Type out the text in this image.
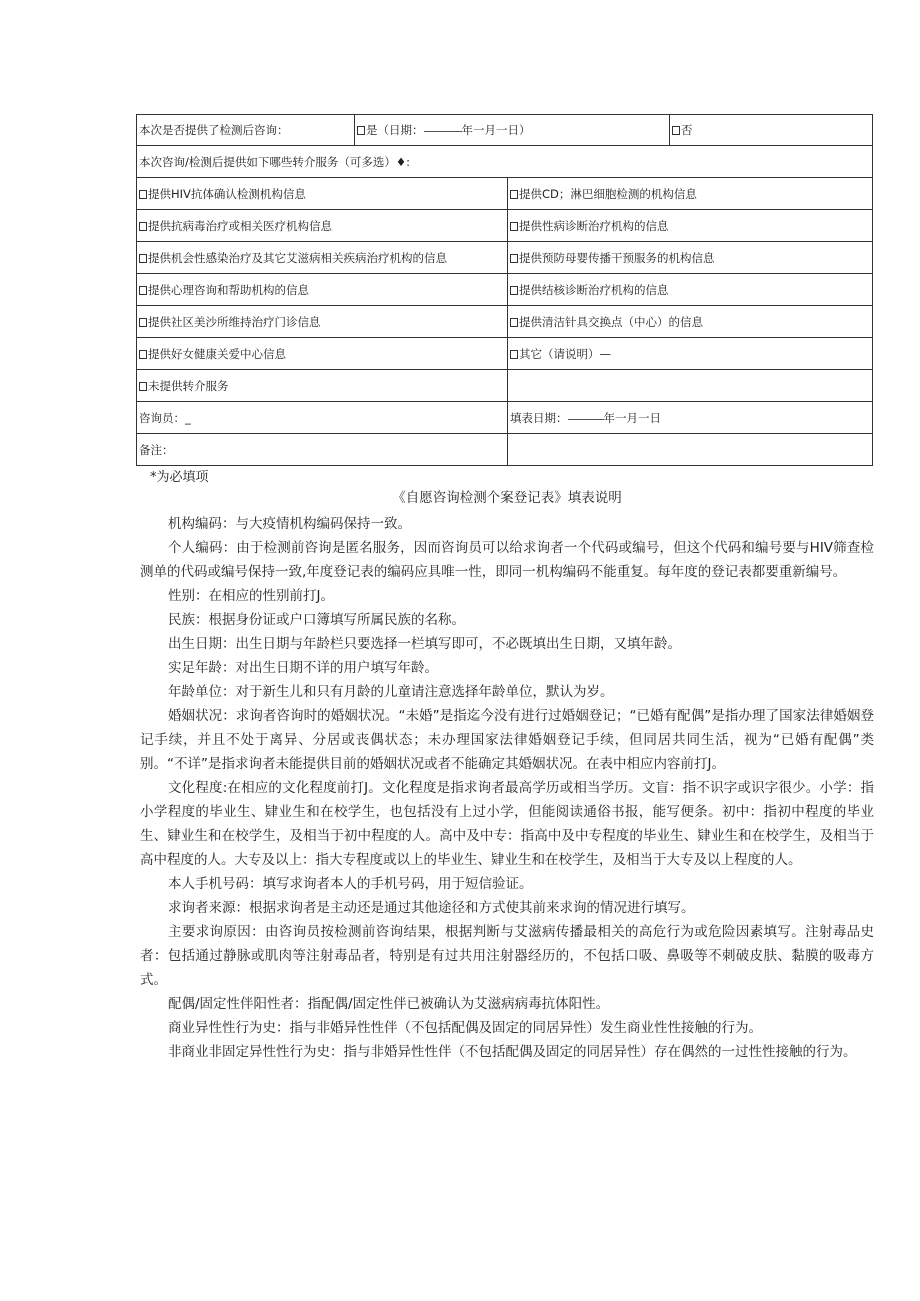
本次是否提供了检测后咨询：	是（日期： 年一月一日）		否
本次咨询/检测后提供如下哪些转介服务（可多选）♦:			
提供HIV抗体确认检测机构信息		提供CD；淋巴细胞检测的机构信息	
提供抗病毒治疗或相关医疗机构信息		提供性病诊断治疗机构的信息	
提供机会性感染治疗及其它艾滋病相关疾病治疗机构的信息		提供预防母婴传播干预服务的机构信息	
提供心理咨询和帮助机构的信息		提供结核诊断治疗机构的信息	
提供社区美沙所维持治疗门诊信息		提供清洁针具交换点（中心）的信息	
提供好女健康关爱中心信息		其它（请说明）—	
未提供转介服务			
咨询员：_		填表日期： 年一月一日	
备注：			
*为必填项
《自愿咨询检测个案登记表》填表说明

机构编码：与大疫情机构编码保持一致。

个人编码：由于检测前咨询是匿名服务，因而咨询员可以给求询者一个代码或编号，但这个代码和编号要与HIV筛查检测单的代码或编号保持一致,年度登记表的编码应具唯一性，即同一机构编码不能重复。每年度的登记表都要重新编号。

性别：在相应的性别前打J。

民族：根据身份证或户口簿填写所属民族的名称。

出生日期：出生日期与年龄栏只要选择一栏填写即可，不必既填出生日期，又填年龄。

实足年龄：对出生日期不详的用户填写年龄。

年龄单位：对于新生儿和只有月龄的儿童请注意选择年龄单位，默认为岁。

婚姻状况：求询者咨询时的婚姻状况。“未婚”是指迄今没有进行过婚姻登记；“已婚有配偶”是指办理了国家法律婚姻登记手续，并且不处于离异、分居或丧偶状态；未办理国家法律婚姻登记手续，但同居共同生活，视为“已婚有配偶”类别。“不详”是指求询者未能提供目前的婚姻状况或者不能确定其婚姻状况。在表中相应内容前打J。

文化程度:在相应的文化程度前打J。文化程度是指求询者最高学历或相当学历。文盲：指不识字或识字很少。小学：指小学程度的毕业生、肄业生和在校学生，也包括没有上过小学，但能阅读通俗书报，能写便条。初中：指初中程度的毕业生、肄业生和在校学生，及相当于初中程度的人。高中及中专：指高中及中专程度的毕业生、肄业生和在校学生，及相当于高中程度的人。大专及以上：指大专程度或以上的毕业生、肄业生和在校学生，及相当于大专及以上程度的人。

本人手机号码：填写求询者本人的手机号码，用于短信验证。

求询者来源：根据求询者是主动还是通过其他途径和方式使其前来求询的情况进行填写。

主要求询原因：由咨询员按检测前咨询结果，根据判断与艾滋病传播最相关的高危行为或危险因素填写。注射毒品史者：包括通过静脉或肌肉等注射毒品者，特别是有过共用注射器经历的，不包括口吸、鼻吸等不刺破皮肤、黏膜的吸毒方式。

配偶/固定性伴阳性者：指配偶/固定性伴已被确认为艾滋病病毒抗体阳性。

商业异性性行为史：指与非婚异性性伴（不包括配偶及固定的同居异性）发生商业性性接触的行为。

非商业非固定异性性行为史：指与非婚异性性伴（不包括配偶及固定的同居异性）存在偶然的一过性性接触的行为。
